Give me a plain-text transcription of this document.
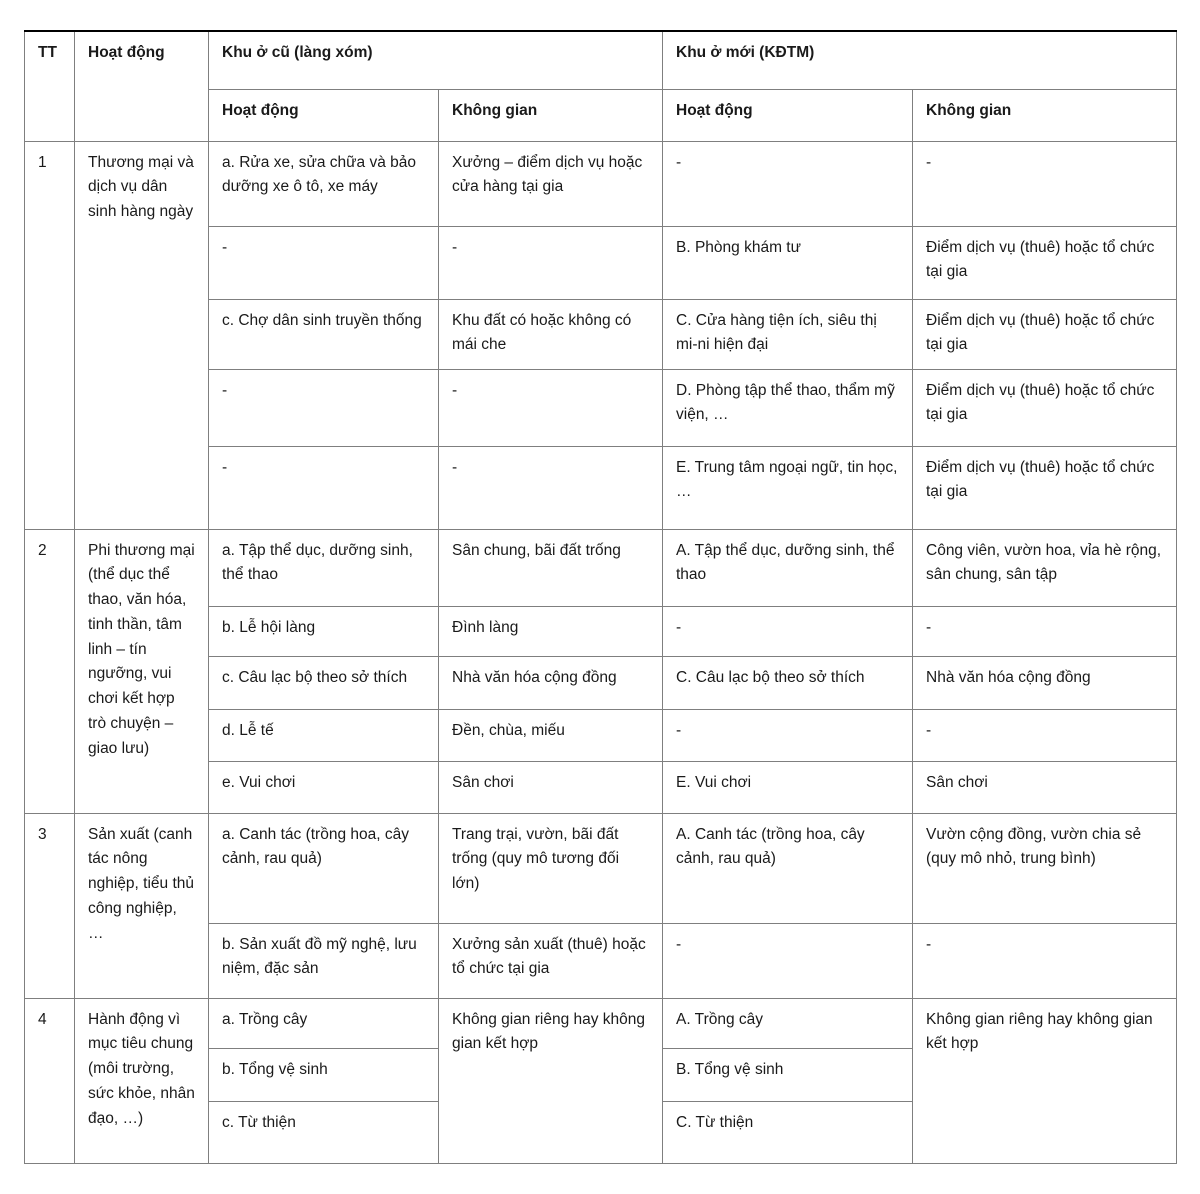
TT	Hoạt động	Khu ở cũ (làng xóm)		Khu ở mới (KĐTM)	
		Hoạt động	Không gian	Hoạt động	Không gian
1	Thương mại và dịch vụ dân sinh hàng ngày	a. Rửa xe, sửa chữa và bảo dưỡng xe ô tô, xe máy	Xưởng – điểm dịch vụ hoặc cửa hàng tại gia	-	-
		-	-	B. Phòng khám tư	Điểm dịch vụ (thuê) hoặc tổ chức tại gia
		c. Chợ dân sinh truyền thống	Khu đất có hoặc không có mái che	C. Cửa hàng tiện ích, siêu thị mi-ni hiện đại	Điểm dịch vụ (thuê) hoặc tổ chức tại gia
		-	-	D. Phòng tập thể thao, thẩm mỹ viện, …	Điểm dịch vụ (thuê) hoặc tổ chức tại gia
		-	-	E. Trung tâm ngoại ngữ, tin học, …	Điểm dịch vụ (thuê) hoặc tổ chức tại gia
2	Phi thương mại (thể dục thể thao, văn hóa, tinh thần, tâm linh – tín ngưỡng, vui chơi kết hợp trò chuyện – giao lưu)	a. Tập thể dục, dưỡng sinh, thể thao	Sân chung, bãi đất trống	A. Tập thể dục, dưỡng sinh, thể thao	Công viên, vườn hoa, vỉa hè rộng, sân chung, sân tập
		b. Lễ hội làng	Đình làng	-	-
		c. Câu lạc bộ theo sở thích	Nhà văn hóa cộng đồng	C. Câu lạc bộ theo sở thích	Nhà văn hóa cộng đồng
		d. Lễ tế	Đền, chùa, miếu	-	-
		e. Vui chơi	Sân chơi	E. Vui chơi	Sân chơi
3	Sản xuất (canh tác nông nghiệp, tiểu thủ công nghiệp, …	a. Canh tác (trồng hoa, cây cảnh, rau quả)	Trang trại, vườn, bãi đất trống (quy mô tương đối lớn)	A. Canh tác (trồng hoa, cây cảnh, rau quả)	Vườn cộng đồng, vườn chia sẻ (quy mô nhỏ, trung bình)
		b. Sản xuất đồ mỹ nghệ, lưu niệm, đặc sản	Xưởng sản xuất (thuê) hoặc tổ chức tại gia	-	-
4	Hành động vì mục tiêu chung (môi trường, sức khỏe, nhân đạo, …)	a. Trồng cây	Không gian riêng hay không gian kết hợp	A. Trồng cây	Không gian riêng hay không gian kết hợp
		b. Tổng vệ sinh		B. Tổng vệ sinh	
		c. Từ thiện		C. Từ thiện	
